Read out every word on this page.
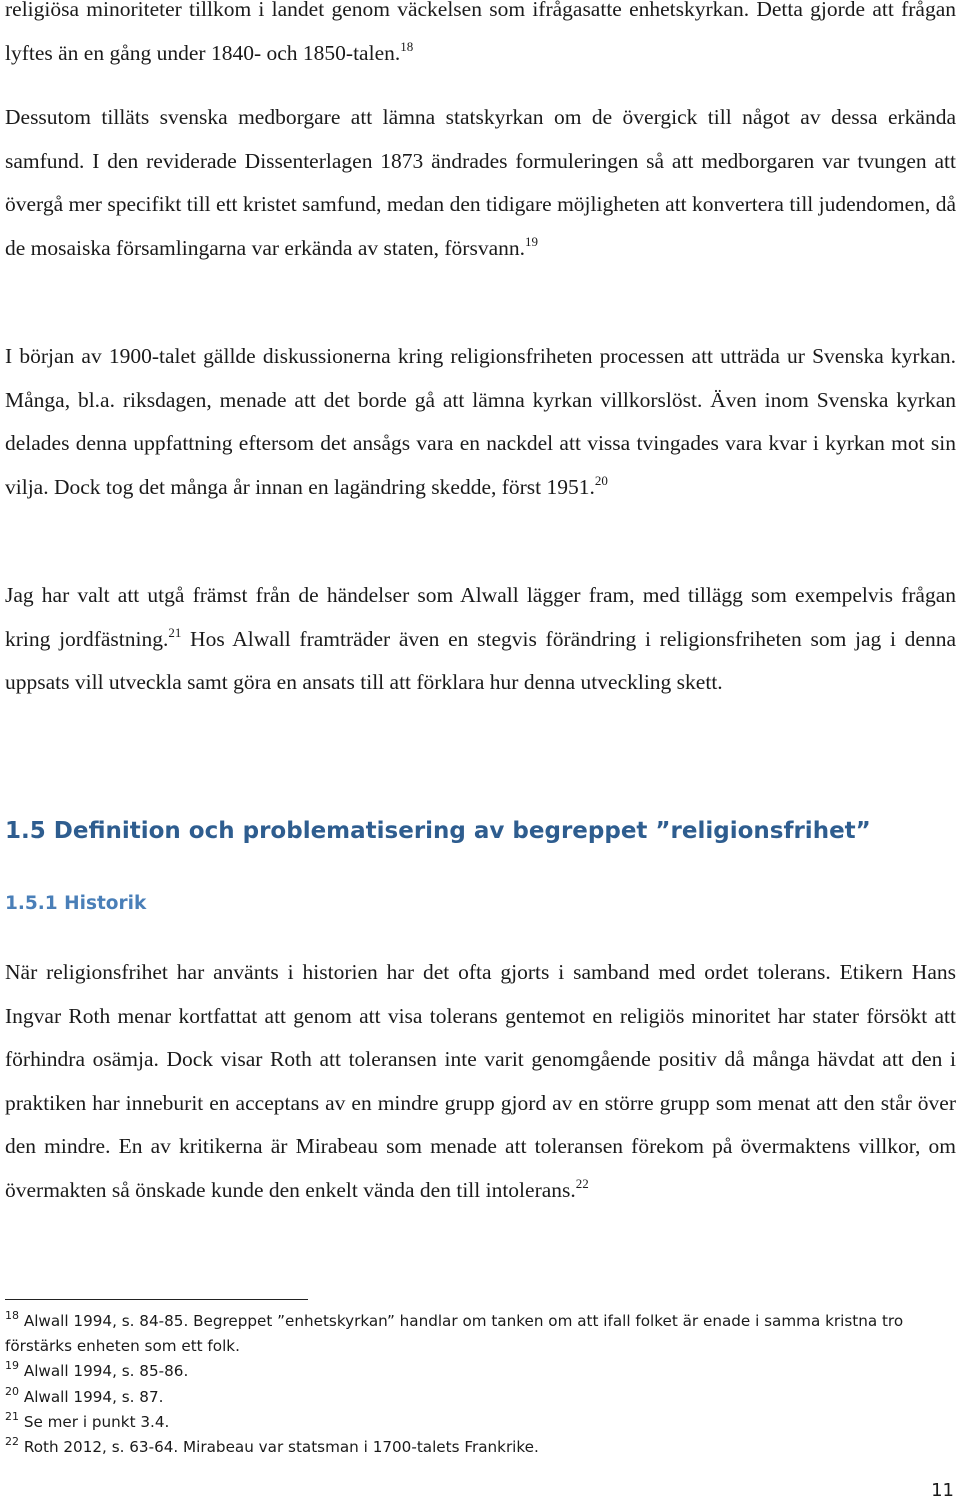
religiösa minoriteter tillkom i landet genom väckelsen som ifrågasatte enhetskyrkan. Detta gjorde att frågan lyftes än en gång under 1840- och 1850-talen.$^{18}$

Dessutom tilläts svenska medborgare att lämna statskyrkan om de övergick till något av dessa erkända samfund. I den reviderade Dissenterlagen 1873 ändrades formuleringen så att medborgaren var tvungen att övergå mer specifikt till ett kristet samfund, medan den tidigare möjligheten att konvertera till judendomen, då de mosaiska församlingarna var erkända av staten, försvann.$^{19}$

I början av 1900-talet gällde diskussionerna kring religionsfriheten processen att utträda ur Svenska kyrkan. Många, bl.a. riksdagen, menade att det borde gå att lämna kyrkan villkorslöst. Även inom Svenska kyrkan delades denna uppfattning eftersom det ansågs vara en nackdel att vissa tvingades vara kvar i kyrkan mot sin vilja. Dock tog det många år innan en lagändring skedde, först 1951.20

Jag har valt att utgå främst från de händelser som Alwall lägger fram, med tillägg som exempelvis frågan kring jordfästning.$^{21}$ Hos Alwall framträder även en stegvis förändring i religionsfriheten som jag i denna uppsats vill utveckla samt göra en ansats till att förklara hur denna utveckling skett.

1.5 Definition och problematisering av begreppet ”religionsfrihet”
1.5.1 Historik

När religionsfrihet har använts i historien har det ofta gjorts i samband med ordet tolerans. Etikern Hans Ingvar Roth menar kortfattat att genom att visa tolerans gentemot en religiös minoritet har stater försökt att förhindra osämja. Dock visar Roth att toleransen inte varit genomgående positiv då många hävdat att den i praktiken har inneburit en acceptans av en mindre grupp gjord av en större grupp som menat att den står över den mindre. En av kritikerna är Mirabeau som menade att toleransen förekom på övermaktens villkor, om övermakten så önskade kunde den enkelt vända den till intolerans.$^{22}$

$^{18}$ Alwall 1994, s. 84-85. Begreppet ”enhetskyrkan” handlar om tanken om att ifall folket är enade i samma kristna tro förstärks enheten som ett folk.

$^{19}$ Alwall 1994, s. 85-86.

$^{20}$ Alwall 1994, s. 87.

$^{21}$ Se mer i punkt 3.4.

$^{22}$ Roth 2012, s. 63-64. Mirabeau var statsman i 1700-talets Frankrike.

11
